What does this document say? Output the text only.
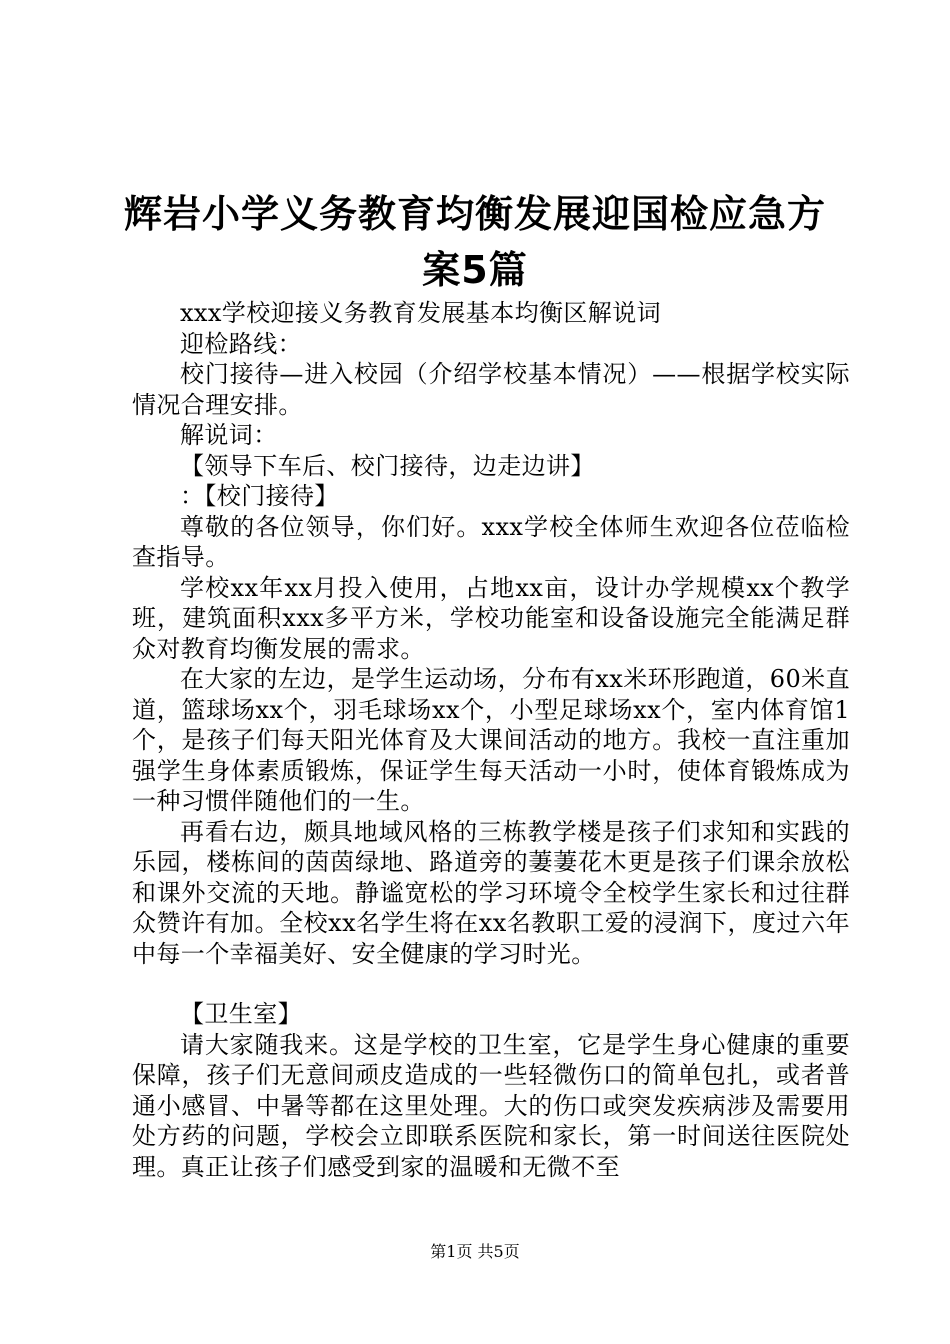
辉岩小学义务教育均衡发展迎国检应急方案5篇

xxx学校迎接义务教育发展基本均衡区解说词

迎检路线：

校门接待—进入校园（介绍学校基本情况）——根据学校实际情况合理安排。

解说词：

【领导下车后、校门接待，边走边讲】

：【校门接待】

尊敬的各位领导，你们好。xxx学校全体师生欢迎各位莅临检查指导。

学校xx年xx月投入使用，占地xx亩，设计办学规模xx个教学班，建筑面积xxx多平方米，学校功能室和设备设施完全能满足群众对教育均衡发展的需求。

在大家的左边，是学生运动场，分布有xx米环形跑道，60米直道，篮球场xx个，羽毛球场xx个，小型足球场xx个，室内体育馆1个，是孩子们每天阳光体育及大课间活动的地方。我校一直注重加强学生身体素质锻炼，保证学生每天活动一小时，使体育锻炼成为一种习惯伴随他们的一生。

再看右边，颇具地域风格的三栋教学楼是孩子们求知和实践的乐园，楼栋间的茵茵绿地、路道旁的萋萋花木更是孩子们课余放松和课外交流的天地。静谧宽松的学习环境令全校学生家长和过往群众赞许有加。全校xx名学生将在xx名教职工爱的浸润下，度过六年中每一个幸福美好、安全健康的学习时光。

【卫生室】

请大家随我来。这是学校的卫生室，它是学生身心健康的重要保障，孩子们无意间顽皮造成的一些轻微伤口的简单包扎，或者普通小感冒、中暑等都在这里处理。大的伤口或突发疾病涉及需要用处方药的问题，学校会立即联系医院和家长，第一时间送往医院处理。真正让孩子们感受到家的温暖和无微不至

第1页 共5页
